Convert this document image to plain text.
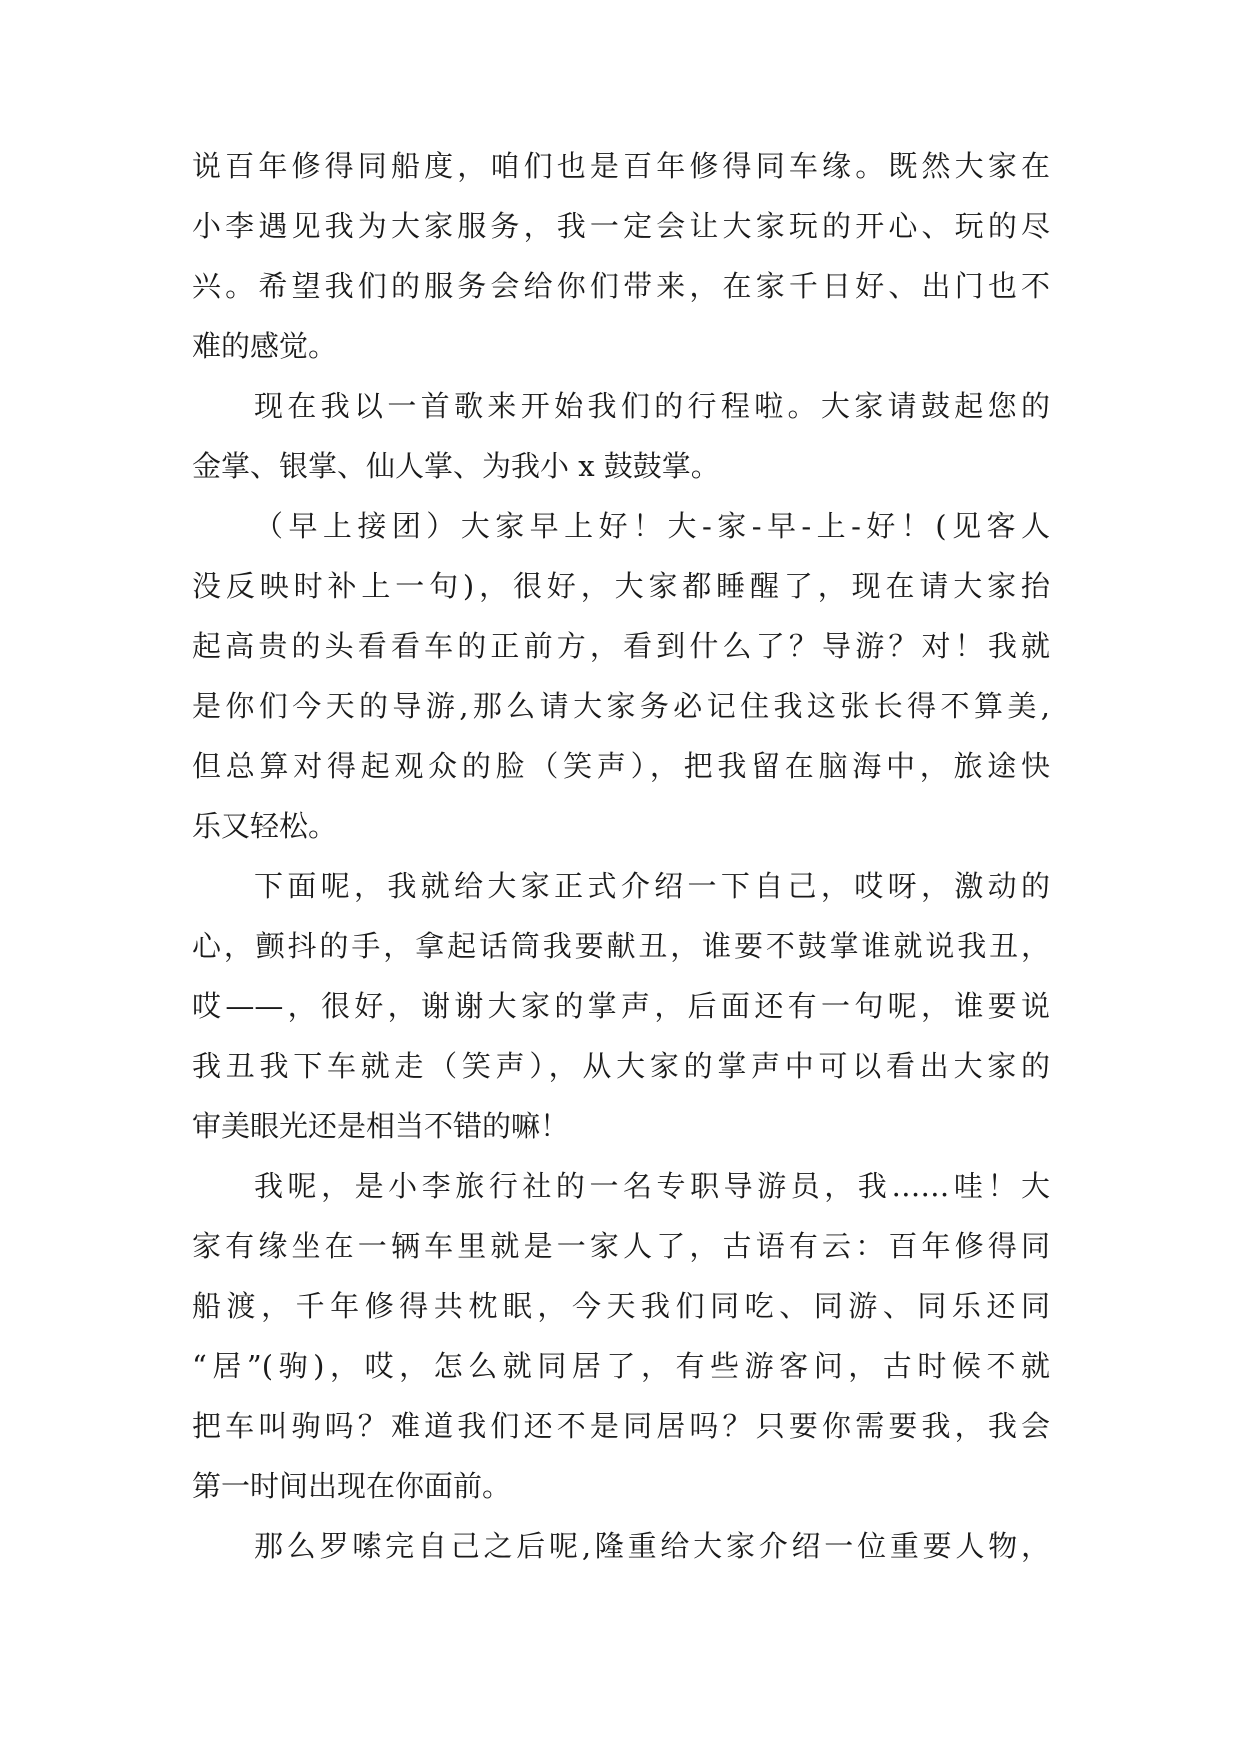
说百年修得同船度，咱们也是百年修得同车缘。既然大家在
小李遇见我为大家服务，我一定会让大家玩的开心、玩的尽
兴。希望我们的服务会给你们带来，在家千日好、出门也不
难的感觉。
现在我以一首歌来开始我们的行程啦。大家请鼓起您的
金掌、银掌、仙人掌、为我小 x 鼓鼓掌。
（早上接团）大家早上好！大-家-早-上-好！(见客人
没反映时补上一句)，很好，大家都睡醒了，现在请大家抬
起高贵的头看看车的正前方，看到什么了？导游？对！我就
是你们今天的导游,那么请大家务必记住我这张长得不算美,
但总算对得起观众的脸（笑声），把我留在脑海中，旅途快
乐又轻松。
下面呢，我就给大家正式介绍一下自己，哎呀，激动的
心，颤抖的手，拿起话筒我要献丑，谁要不鼓掌谁就说我丑，
哎——，很好，谢谢大家的掌声，后面还有一句呢，谁要说
我丑我下车就走（笑声），从大家的掌声中可以看出大家的
审美眼光还是相当不错的嘛！
我呢，是小李旅行社的一名专职导游员，我……哇！大
家有缘坐在一辆车里就是一家人了，古语有云：百年修得同
船渡，千年修得共枕眠，今天我们同吃、同游、同乐还同
“居”(驹)，哎，怎么就同居了，有些游客问，古时候不就
把车叫驹吗？难道我们还不是同居吗？只要你需要我，我会
第一时间出现在你面前。
那么罗嗦完自己之后呢,隆重给大家介绍一位重要人物，
